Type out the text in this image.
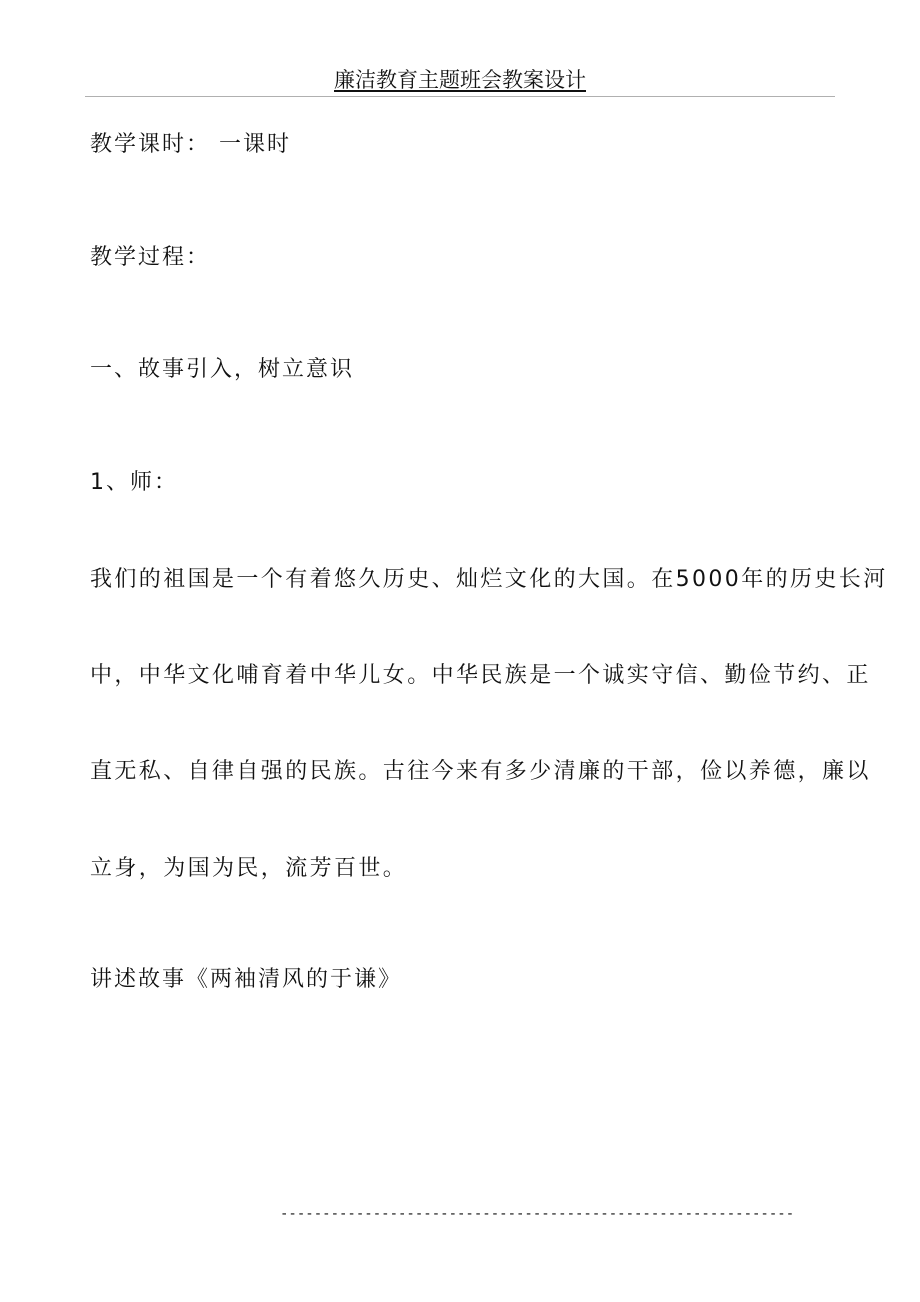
廉洁教育主题班会教案设计
教学课时： 一课时
教学过程：
一、故事引入，树立意识
1、师：
我们的祖国是一个有着悠久历史、灿烂文化的大国。在5000年的历史长河
中，中华文化哺育着中华儿女。中华民族是一个诚实守信、勤俭节约、正
直无私、自律自强的民族。古往今来有多少清廉的干部，俭以养德，廉以
立身，为国为民，流芳百世。
讲述故事《两袖清风的于谦》
-------------------------------------------------------------
